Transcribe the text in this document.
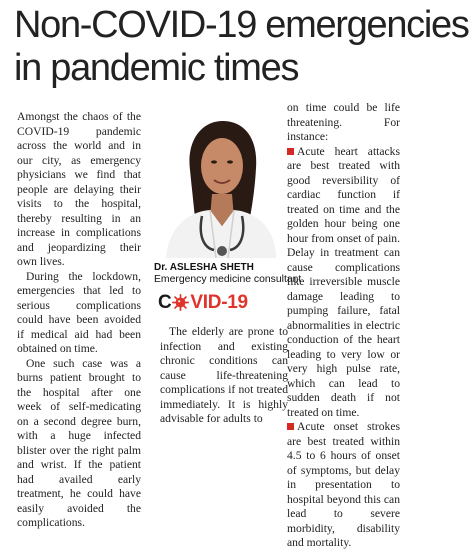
Non-COVID-19 emergencies
in pandemic times

Amongst the chaos of the COVID-19 pandemic across the world and in our city, as emergency physicians we find that people are delaying their visits to the hospital, thereby resulting in an increase in complications and jeopardizing their own lives.

During the lockdown, emergencies that led to serious complications could have been avoided if medical aid had been obtained on time.

One such case was a burns patient brought to the hospital after one week of self-medicating on a second degree burn, with a huge infected blister over the right palm and wrist. If the patient had availed early treatment, he could have easily avoided the complications.

Dr. ASLESHA SHETH
Emergency medicine consultant
C VID-19

The elderly are prone to infection and existing chronic conditions can cause life-threatening complications if not treated immediately. It is highly advisable for adults to

on time could be life threatening. For instance:

Acute heart attacks are best treated with good reversibility of cardiac function if treated on time and the golden hour being one hour from onset of pain. Delay in treatment can cause complications like irreversible muscle damage leading to pumping failure, fatal abnormalities in electric conduction of the heart leading to very low or very high pulse rate, which can lead to sudden death if not treated on time.

Acute onset strokes are best treated within 4.5 to 6 hours of onset of symptoms, but delay in presentation to hospital beyond this can lead to severe morbidity, disability and mortality.
